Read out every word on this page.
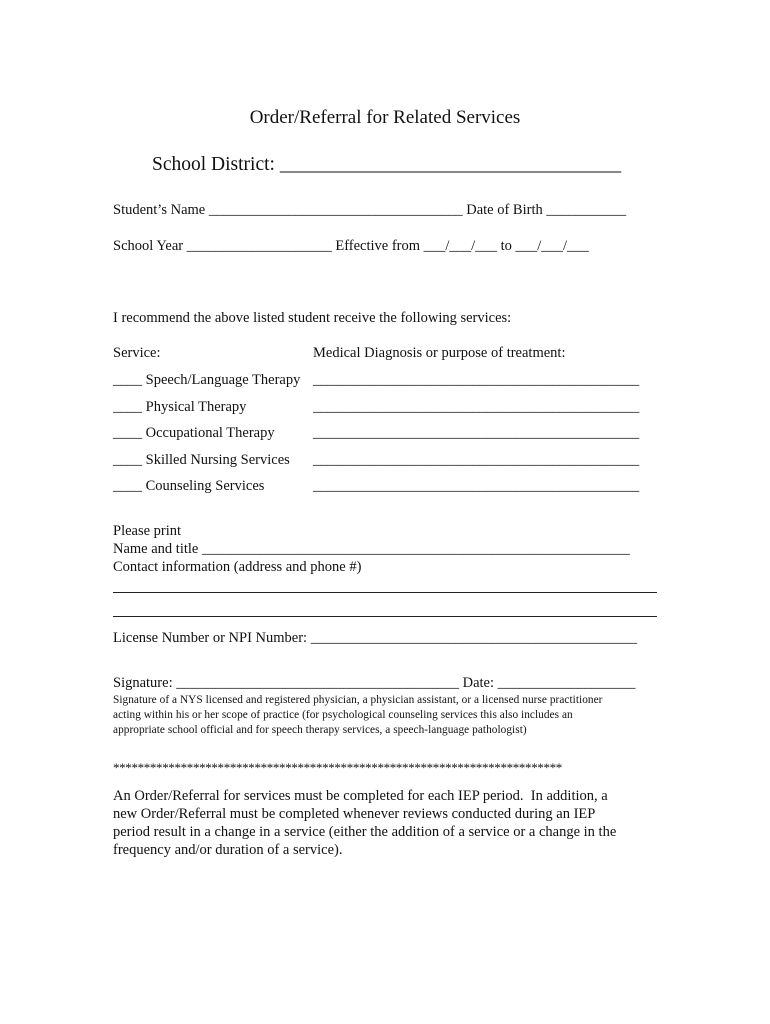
Order/Referral for Related Services
School District: ___________________________________
Student’s Name ___________________________________ Date of Birth ___________
School Year ____________________ Effective from ___/___/___ to ___/___/___
I recommend the above listed student receive the following services:
Service:	Medical Diagnosis or purpose of treatment:
____ Speech/Language Therapy _____________________________________________
____ Physical Therapy	_____________________________________________
____ Occupational Therapy	_____________________________________________
____ Skilled Nursing Services _____________________________________________
____ Counseling Services	_____________________________________________
Please print
Name and title ___________________________________________________________
Contact information (address and phone #)
License Number or NPI Number: _____________________________________________
Signature: _______________________________________ Date: ___________________
Signature of a NYS licensed and registered physician, a physician assistant, or a licensed nurse practitioner
acting within his or her scope of practice (for psychological counseling services this also includes an
appropriate school official and for speech therapy services, a speech-language pathologist)
*************************************************************************
An Order/Referral for services must be completed for each IEP period.  In addition, a
new Order/Referral must be completed whenever reviews conducted during an IEP
period result in a change in a service (either the addition of a service or a change in the
frequency and/or duration of a service).
